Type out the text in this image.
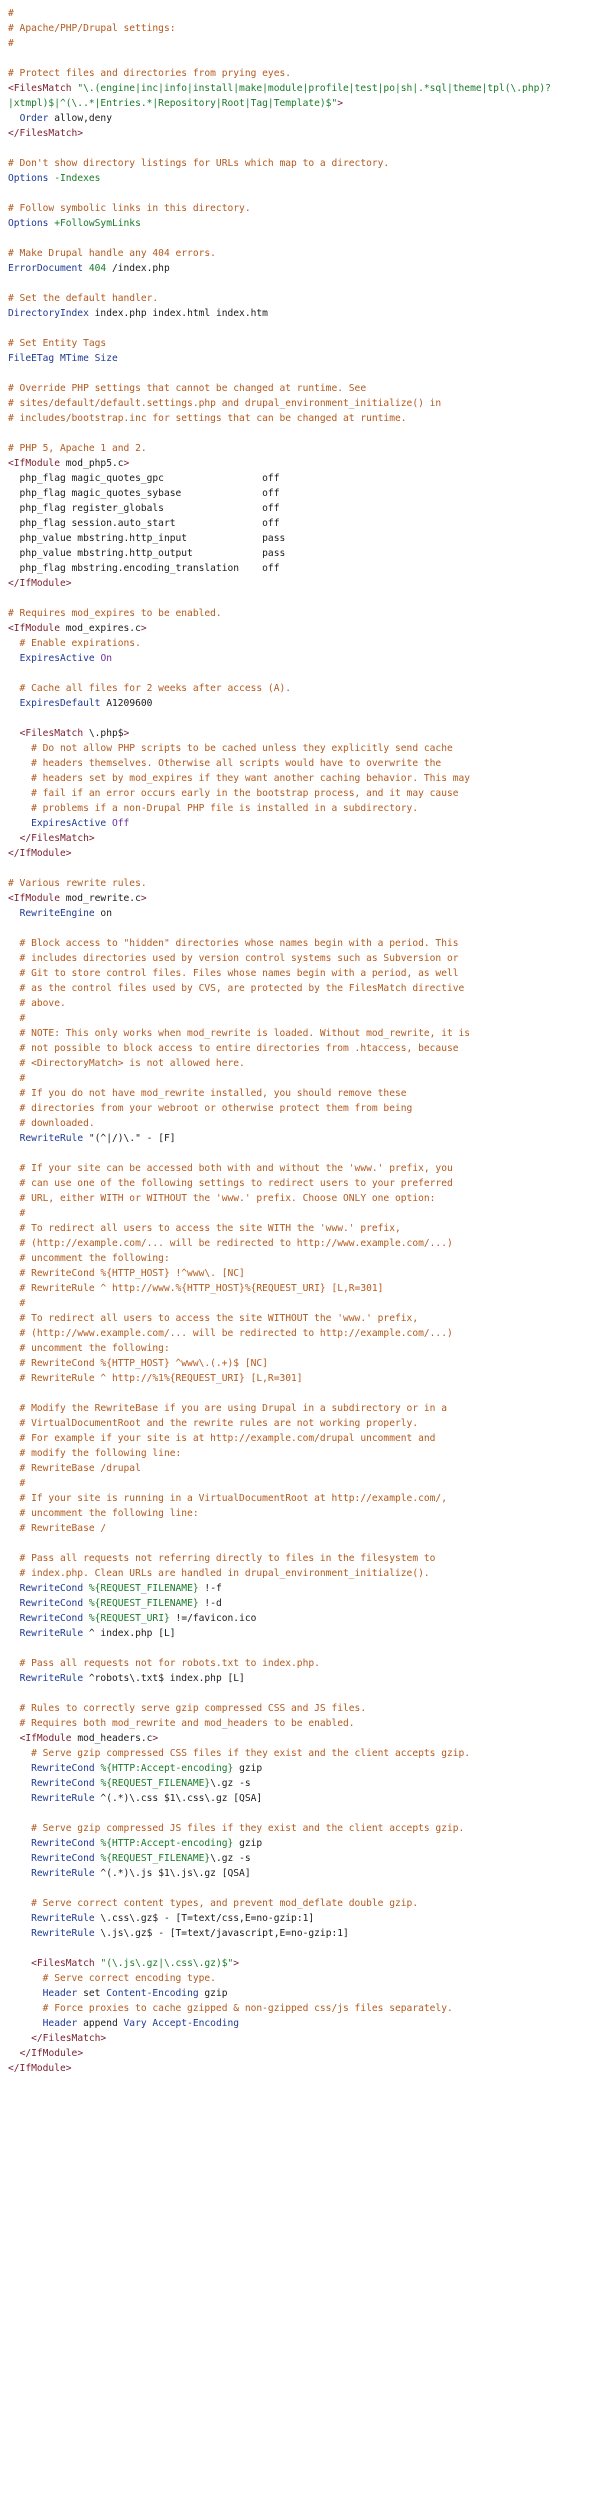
#
# Apache/PHP/Drupal settings:
#

# Protect files and directories from prying eyes.
<FilesMatch "\.(engine|inc|info|install|make|module|profile|test|po|sh|.*sql|theme|tpl(\.php)?
|xtmpl)$|^(\..*|Entries.*|Repository|Root|Tag|Template)$">
Order allow,deny
</FilesMatch>

# Don't show directory listings for URLs which map to a directory.
Options -Indexes

# Follow symbolic links in this directory.
Options +FollowSymLinks

# Make Drupal handle any 404 errors.
ErrorDocument 404 /index.php

# Set the default handler.
DirectoryIndex index.php index.html index.htm

# Set Entity Tags
FileETag MTime Size

# Override PHP settings that cannot be changed at runtime. See
# sites/default/default.settings.php and drupal_environment_initialize() in
# includes/bootstrap.inc for settings that can be changed at runtime.

# PHP 5, Apache 1 and 2.
<IfModule mod_php5.c>
php_flag magic_quotes_gpc                 off
php_flag magic_quotes_sybase              off
php_flag register_globals                 off
php_flag session.auto_start               off
php_value mbstring.http_input             pass
php_value mbstring.http_output            pass
php_flag mbstring.encoding_translation    off
</IfModule>

# Requires mod_expires to be enabled.
<IfModule mod_expires.c>
# Enable expirations.
ExpiresActive On

# Cache all files for 2 weeks after access (A).
ExpiresDefault A1209600

<FilesMatch \.php$>
# Do not allow PHP scripts to be cached unless they explicitly send cache
# headers themselves. Otherwise all scripts would have to overwrite the
# headers set by mod_expires if they want another caching behavior. This may
# fail if an error occurs early in the bootstrap process, and it may cause
# problems if a non-Drupal PHP file is installed in a subdirectory.
ExpiresActive Off
</FilesMatch>
</IfModule>

# Various rewrite rules.
<IfModule mod_rewrite.c>
RewriteEngine on

# Block access to "hidden" directories whose names begin with a period. This
# includes directories used by version control systems such as Subversion or
# Git to store control files. Files whose names begin with a period, as well
# as the control files used by CVS, are protected by the FilesMatch directive
# above.
#
# NOTE: This only works when mod_rewrite is loaded. Without mod_rewrite, it is
# not possible to block access to entire directories from .htaccess, because
# <DirectoryMatch> is not allowed here.
#
# If you do not have mod_rewrite installed, you should remove these
# directories from your webroot or otherwise protect them from being
# downloaded.
RewriteRule "(^|/)\." - [F]

# If your site can be accessed both with and without the 'www.' prefix, you
# can use one of the following settings to redirect users to your preferred
# URL, either WITH or WITHOUT the 'www.' prefix. Choose ONLY one option:
#
# To redirect all users to access the site WITH the 'www.' prefix,
# (http://example.com/... will be redirected to http://www.example.com/...)
# uncomment the following:
# RewriteCond %{HTTP_HOST} !^www\. [NC]
# RewriteRule ^ http://www.%{HTTP_HOST}%{REQUEST_URI} [L,R=301]
#
# To redirect all users to access the site WITHOUT the 'www.' prefix,
# (http://www.example.com/... will be redirected to http://example.com/...)
# uncomment the following:
# RewriteCond %{HTTP_HOST} ^www\.(.+)$ [NC]
# RewriteRule ^ http://%1%{REQUEST_URI} [L,R=301]

# Modify the RewriteBase if you are using Drupal in a subdirectory or in a
# VirtualDocumentRoot and the rewrite rules are not working properly.
# For example if your site is at http://example.com/drupal uncomment and
# modify the following line:
# RewriteBase /drupal
#
# If your site is running in a VirtualDocumentRoot at http://example.com/,
# uncomment the following line:
# RewriteBase /

# Pass all requests not referring directly to files in the filesystem to
# index.php. Clean URLs are handled in drupal_environment_initialize().
RewriteCond %{REQUEST_FILENAME} !-f
RewriteCond %{REQUEST_FILENAME} !-d
RewriteCond %{REQUEST_URI} !=/favicon.ico
RewriteRule ^ index.php [L]

# Pass all requests not for robots.txt to index.php.
RewriteRule ^robots\.txt$ index.php [L]

# Rules to correctly serve gzip compressed CSS and JS files.
# Requires both mod_rewrite and mod_headers to be enabled.
<IfModule mod_headers.c>
# Serve gzip compressed CSS files if they exist and the client accepts gzip.
RewriteCond %{HTTP:Accept-encoding} gzip
RewriteCond %{REQUEST_FILENAME}\.gz -s
RewriteRule ^(.*)\.css $1\.css\.gz [QSA]

# Serve gzip compressed JS files if they exist and the client accepts gzip.
RewriteCond %{HTTP:Accept-encoding} gzip
RewriteCond %{REQUEST_FILENAME}\.gz -s
RewriteRule ^(.*)\.js $1\.js\.gz [QSA]

# Serve correct content types, and prevent mod_deflate double gzip.
RewriteRule \.css\.gz$ - [T=text/css,E=no-gzip:1]
RewriteRule \.js\.gz$ - [T=text/javascript,E=no-gzip:1]

<FilesMatch "(\.js\.gz|\.css\.gz)$">
# Serve correct encoding type.
Header set Content-Encoding gzip
# Force proxies to cache gzipped & non-gzipped css/js files separately.
Header append Vary Accept-Encoding
</FilesMatch>
</IfModule>
</IfModule>
